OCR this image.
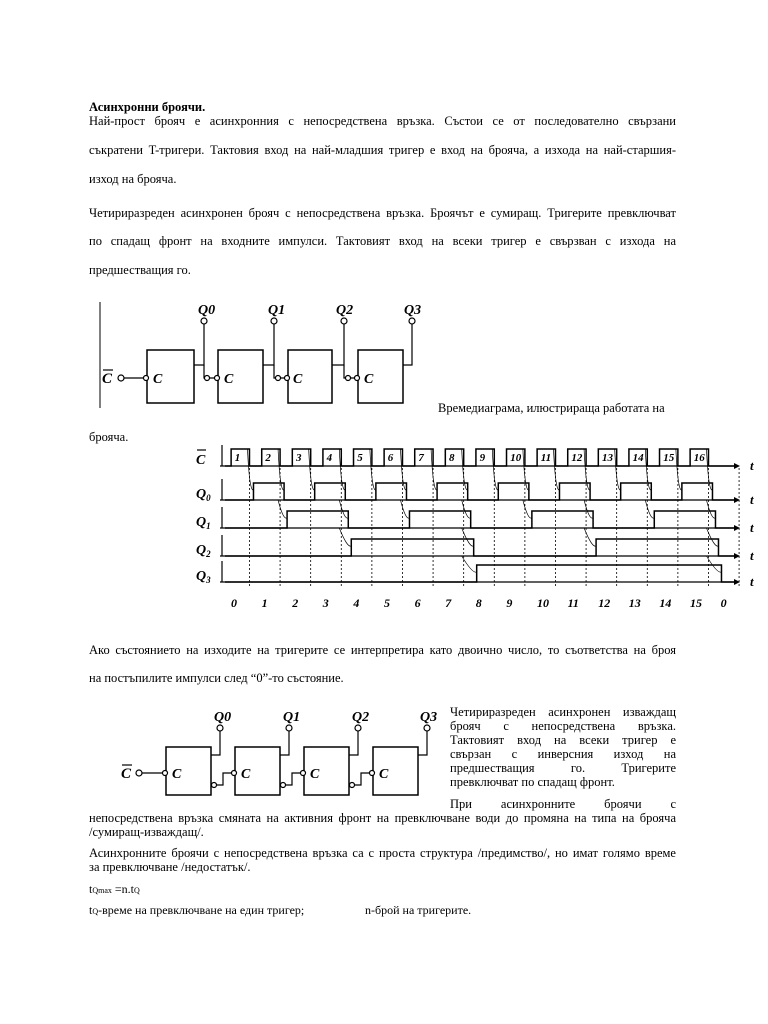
Асинхронни броячи.
Най-прост брояч е асинхронния с непосредствена връзка. Състои се от последователно свързани
съкратени T-тригери. Тактовия вход на най-младшия тригер е вход на брояча, а изхода на най-старшия-
изход на брояча.
Четириразреден асинхронен брояч с непосредствена връзка. Броячът е сумиращ. Тригерите превключват
по спадащ фронт на входните импулси. Тактовият вход на всеки тригер е свързван с изхода на
предшестващия го.
C	C	C	C	C
Q0	Q1	Q2	Q3
Времедиаграма, илюстрираща работата на
брояча.
C
$Q_0$
$Q_1$
$Q_2$
$Q_3$
t
t
t
t
t
1 2 3 4 5 6 7 8 9 10 11 12 13 14 15 16
0 1 2 3 4 5 6 7 8 9 10 11 12 13 14 15 0
Ако състоянието на изходите на тригерите се интерпретира като двоично число, то съответства на броя
на постъпилите импулси след “0”-то състояние.
C	C	C	C	C
Q0	Q1	Q2	Q3 Четириразреден асинхронен изваждащ
брояч с непосредствена връзка.
Тактовият вход на всеки тригер е
свързан с инверсния изход на
предшестващия го. Тригерите
превключват по спадащ фронт.
При асинхронните броячи с
непосредствена връзка смяната на активния фронт на превключване води до промяна на типа на брояча
/сумиращ-изваждащ/.
Асинхронните броячи с непосредствена връзка са с проста структура /предимство/, но имат голямо време
за превключване /недостатък/.
tQmax =n.tQ
tQ-време на превключване на един тригер;	n-брой на тригерите.
